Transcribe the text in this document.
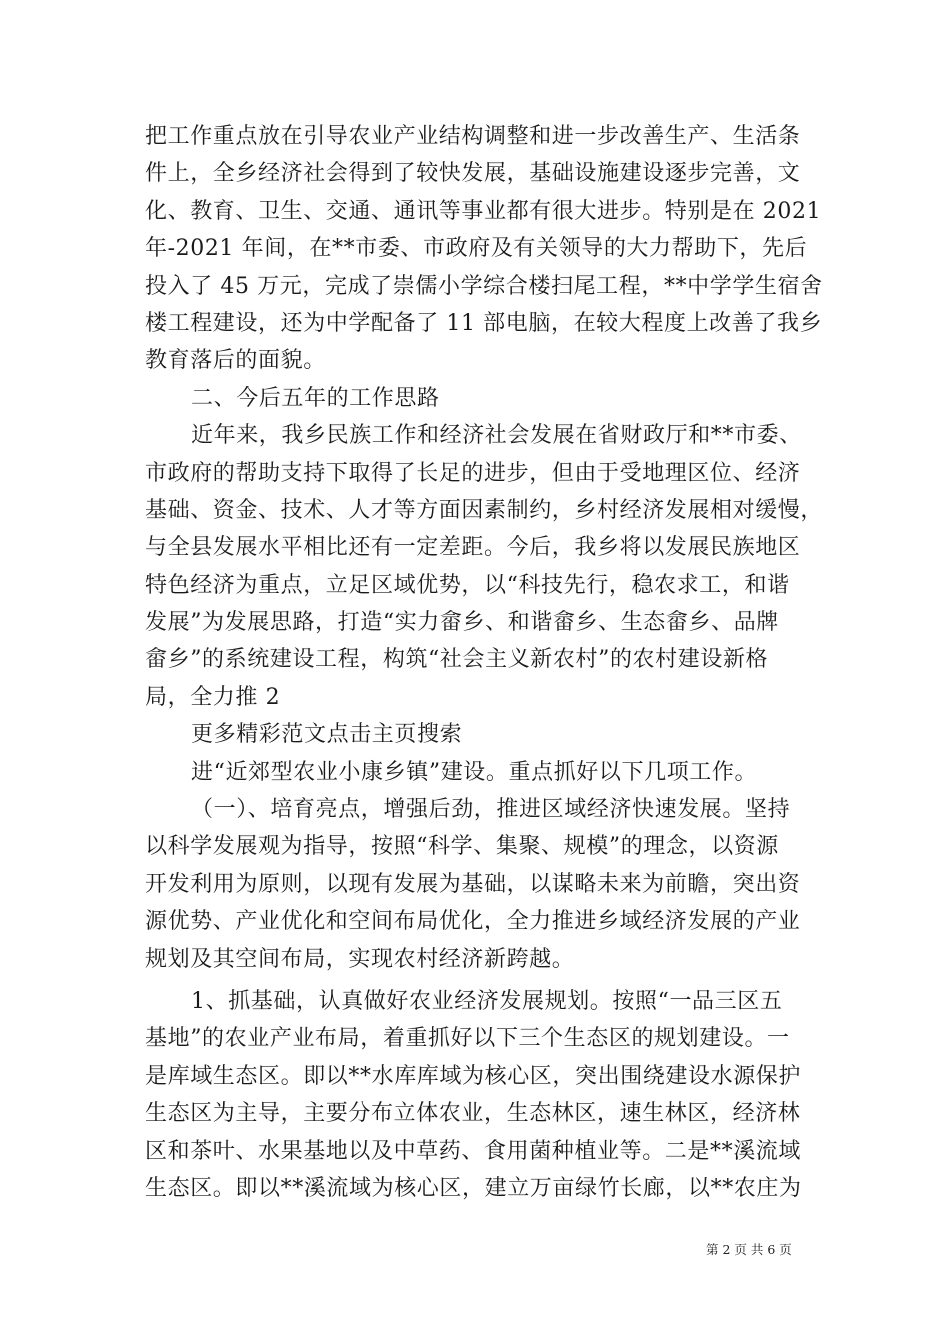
把工作重点放在引导农业产业结构调整和进一步改善生产、生活条
件上，全乡经济社会得到了较快发展，基础设施建设逐步完善，文
化、教育、卫生、交通、通讯等事业都有很大进步。特别是在 2021
年-2021 年间，在**市委、市政府及有关领导的大力帮助下，先后
投入了 45 万元，完成了崇儒小学综合楼扫尾工程，**中学学生宿舍
楼工程建设，还为中学配备了 11 部电脑，在较大程度上改善了我乡
教育落后的面貌。
二、今后五年的工作思路
近年来，我乡民族工作和经济社会发展在省财政厅和**市委、
市政府的帮助支持下取得了长足的进步，但由于受地理区位、经济
基础、资金、技术、人才等方面因素制约，乡村经济发展相对缓慢，
与全县发展水平相比还有一定差距。今后，我乡将以发展民族地区
特色经济为重点，立足区域优势，以“科技先行，稳农求工，和谐
发展”为发展思路，打造“实力畲乡、和谐畲乡、生态畲乡、品牌
畲乡”的系统建设工程，构筑“社会主义新农村”的农村建设新格
局，全力推 2
更多精彩范文点击主页搜索
进“近郊型农业小康乡镇”建设。重点抓好以下几项工作。
（一）、培育亮点，增强后劲，推进区域经济快速发展。坚持
以科学发展观为指导，按照“科学、集聚、规模”的理念，以资源
开发利用为原则，以现有发展为基础，以谋略未来为前瞻，突出资
源优势、产业优化和空间布局优化，全力推进乡域经济发展的产业
规划及其空间布局，实现农村经济新跨越。
1、抓基础，认真做好农业经济发展规划。按照“一品三区五
基地”的农业产业布局，着重抓好以下三个生态区的规划建设。一
是库域生态区。即以**水库库域为核心区，突出围绕建设水源保护
生态区为主导，主要分布立体农业，生态林区，速生林区，经济林
区和茶叶、水果基地以及中草药、食用菌种植业等。二是**溪流域
生态区。即以**溪流域为核心区，建立万亩绿竹长廊，以**农庄为
第 2 页 共 6 页
